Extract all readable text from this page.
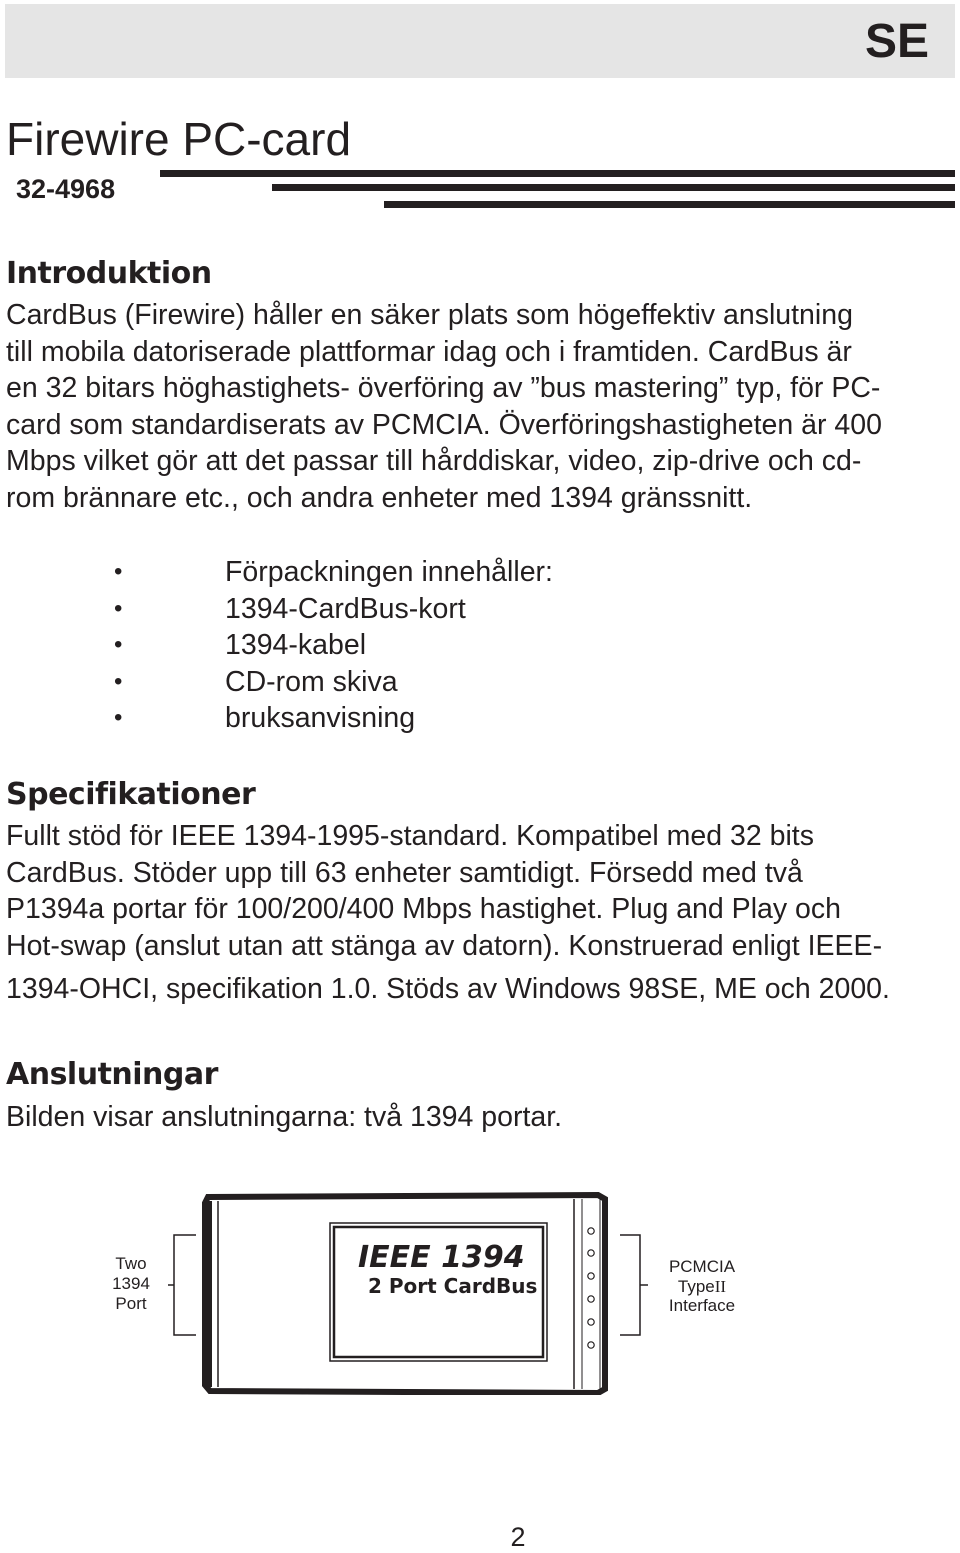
SE
Firewire PC-card
32-4968
Introduktion

CardBus (Firewire) håller en säker plats som högeffektiv anslutning
till mobila datoriserade plattformar idag och i framtiden. CardBus är
en 32 bitars höghastighets- överföring av ”bus mastering” typ, för PC-
card som standardiserats av PCMCIA. Överföringshastigheten är 400
Mbps vilket gör att det passar till hårddiskar, video, zip-drive och cd-
rom brännare etc., och andra enheter med 1394 gränssnitt.

•	Förpackningen innehåller:
•	1394-CardBus-kort
•	1394-kabel
•	CD-rom skiva
•	bruksanvisning
Specifikationer

Fullt stöd för IEEE 1394-1995-standard. Kompatibel med 32 bits
CardBus. Stöder upp till 63 enheter samtidigt. Försedd med två
P1394a portar för 100/200/400 Mbps hastighet. Plug and Play och
Hot-swap (anslut utan att stänga av datorn). Konstruerad enligt IEEE-
1394-OHCI, specifikation 1.0. Stöds av Windows 98SE, ME och 2000.

Anslutningar

Bilden visar anslutningarna: två 1394 portar.

Two
1394
Port
IEEE 1394
2 Port CardBus
PCMCIA
TypeII
Interface
2
